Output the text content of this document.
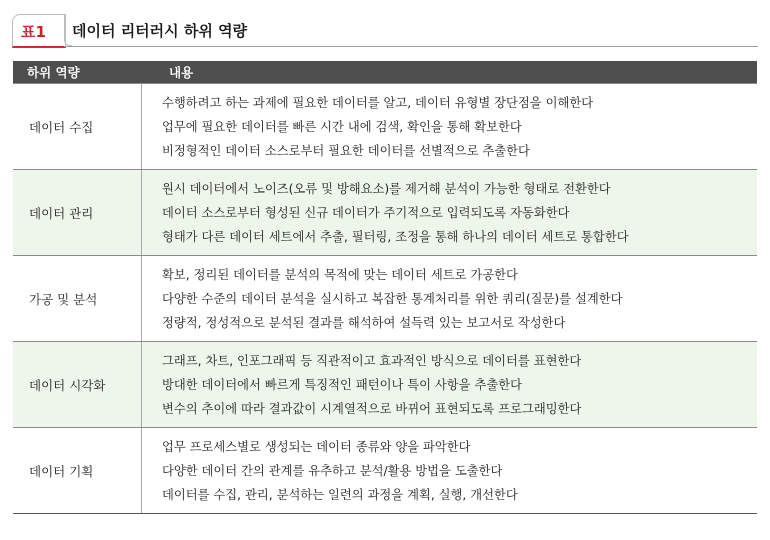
표1 데이터 리터러시 하위 역량
하위 역량	내용
데이터 수집
수행하려고 하는 과제에 필요한 데이터를 알고, 데이터 유형별 장단점을 이해한다
업무에 필요한 데이터를 빠른 시간 내에 검색, 확인을 통해 확보한다
비정형적인 데이터 소스로부터 필요한 데이터를 선별적으로 추출한다
데이터 관리
원시 데이터에서 노이즈(오류 및 방해요소)를 제거해 분석이 가능한 형태로 전환한다
데이터 소스로부터 형성된 신규 데이터가 주기적으로 입력되도록 자동화한다
형태가 다른 데이터 세트에서 추출, 필터링, 조정을 통해 하나의 데이터 세트로 통합한다
가공 및 분석
확보, 정리된 데이터를 분석의 목적에 맞는 데이터 세트로 가공한다
다양한 수준의 데이터 분석을 실시하고 복잡한 통계처리를 위한 쿼리(질문)를 설계한다
정량적, 정성적으로 분석된 결과를 해석하여 설득력 있는 보고서로 작성한다
데이터 시각화
그래프, 차트, 인포그래픽 등 직관적이고 효과적인 방식으로 데이터를 표현한다
방대한 데이터에서 빠르게 특징적인 패턴이나 특이 사항을 추출한다
변수의 추이에 따라 결과값이 시계열적으로 바뀌어 표현되도록 프로그래밍한다
데이터 기획
업무 프로세스별로 생성되는 데이터 종류와 양을 파악한다
다양한 데이터 간의 관계를 유추하고 분석/활용 방법을 도출한다
데이터를 수집, 관리, 분석하는 일련의 과정을 계획, 실행, 개선한다
